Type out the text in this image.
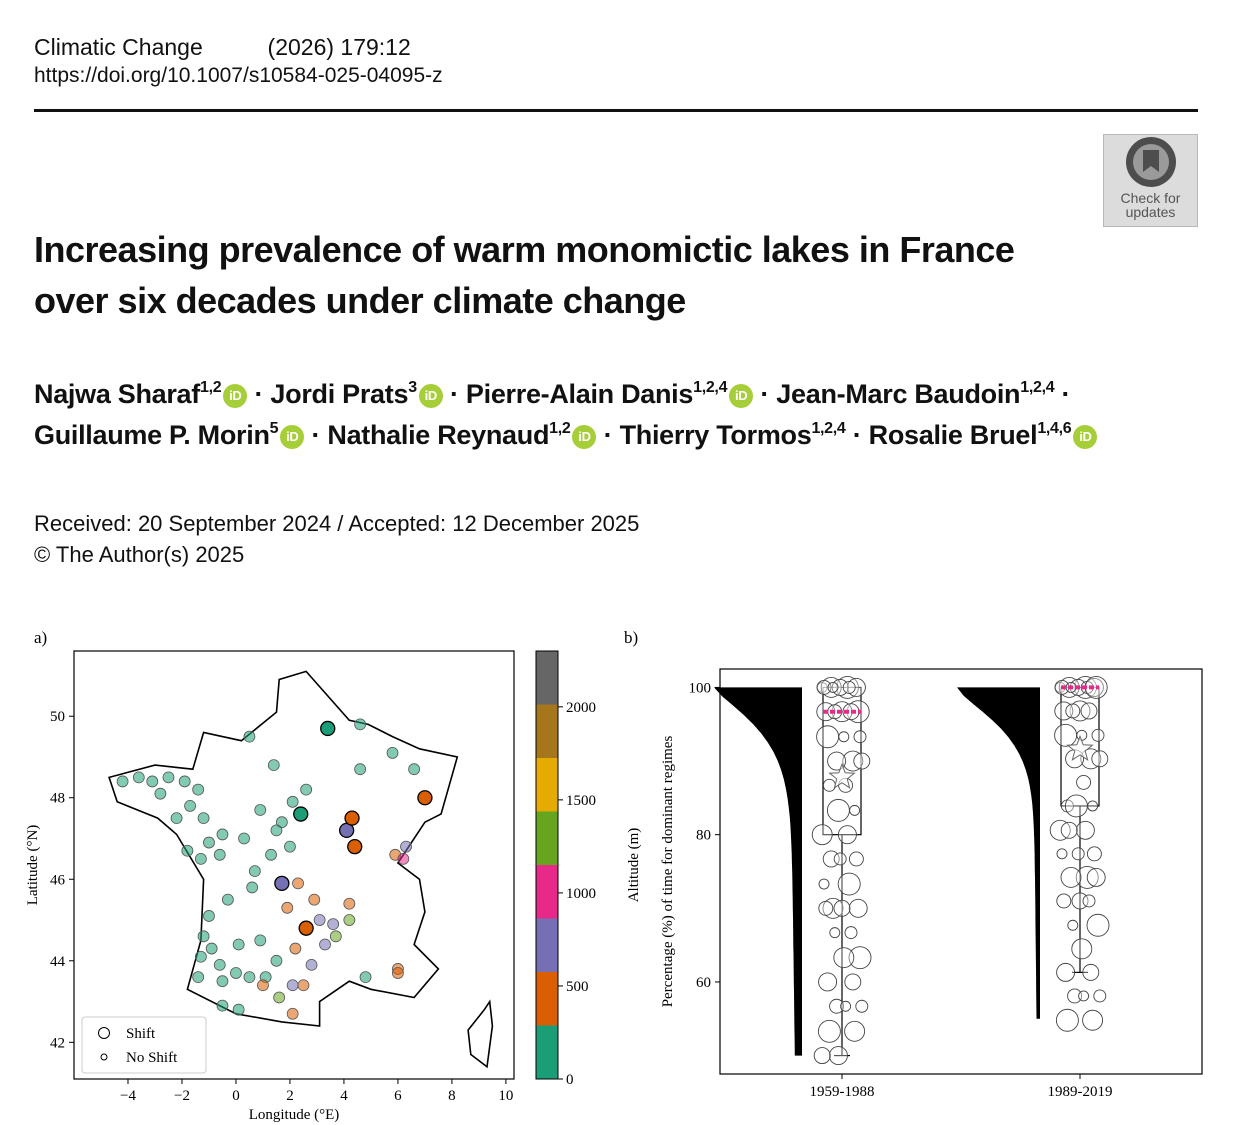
Climatic Change	(2026) 179:12
https://doi.org/10.1007/s10584-025-04095-z
Check for
updates
Increasing prevalence of warm monomictic lakes in France
over six decades under climate change
Najwa Sharaf$^{1,2}$ iD · Jordi Prats$^3$ iD · Pierre-Alain Danis$^{1,2,4}$ iD · Jean-Marc Baudoin$^{1,2,4}$ ·
Guillaume P. Morin$^5$ iD · Nathalie Reynaud$^{1,2}$ iD · Thierry Tormos$^{1,2,4}$ · Rosalie Bruel$^{1,4,6}$ iD
Received: 20 September 2024 / Accepted: 12 December 2025
© The Author(s) 2025
a)
−4	−2	0	2	4	6	8	10
42
44
46
48
50
Longitude (°E)
Latitude (°N)
Shift
No Shift
0
500
1000
1500
2000
Altitude (m)
b)
60
80
100
Percentage (%) of time for dominant regimes
1959-1988	1989-2019
